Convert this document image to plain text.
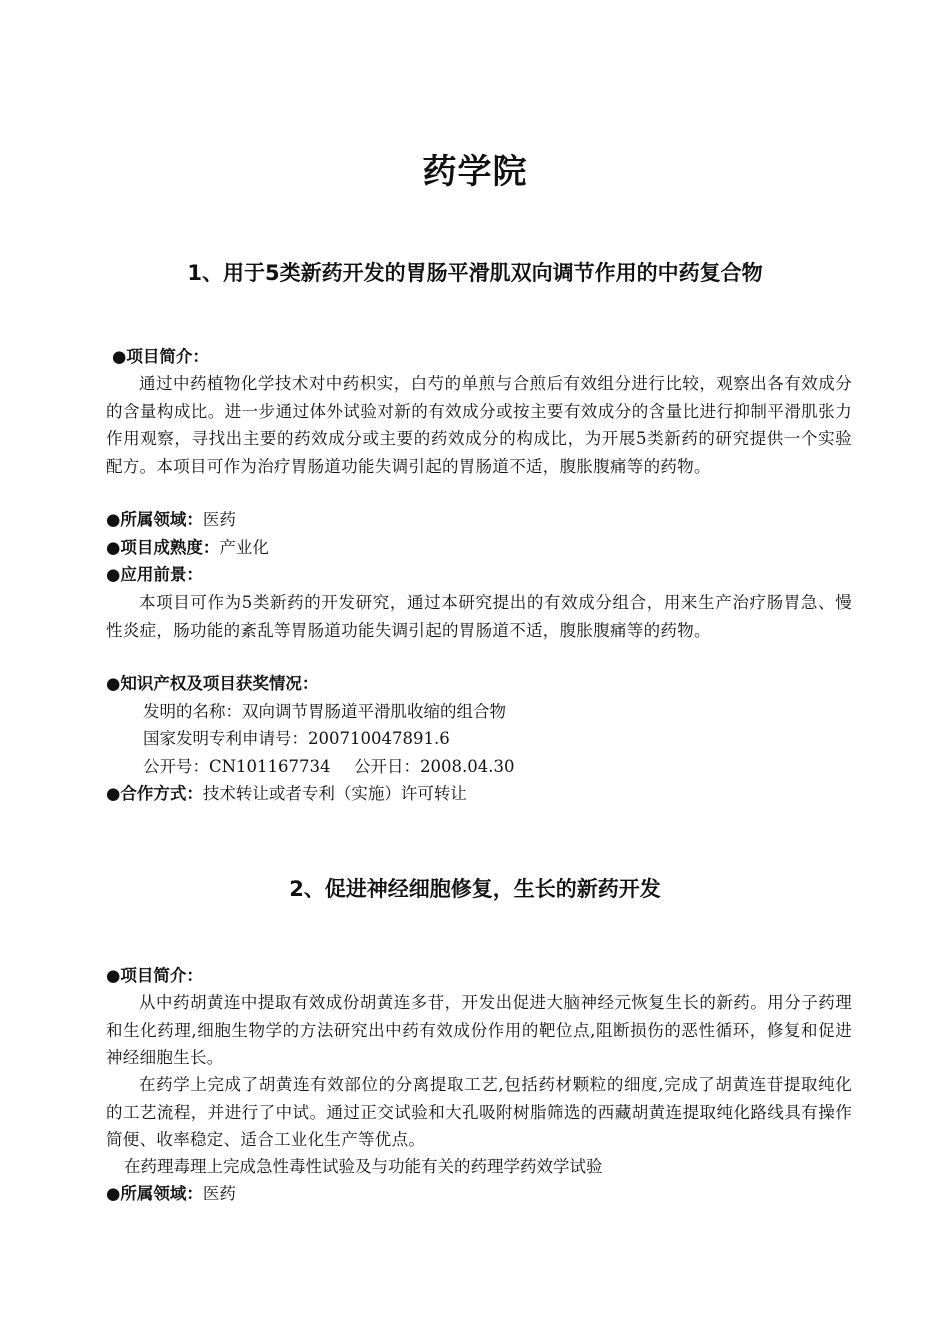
药学院
1、用于5类新药开发的胃肠平滑肌双向调节作用的中药复合物
●项目简介：
通过中药植物化学技术对中药枳实，白芍的单煎与合煎后有效组分进行比较，观察出各有效成分的含量构成比。进一步通过体外试验对新的有效成分或按主要有效成分的含量比进行抑制平滑肌张力作用观察，寻找出主要的药效成分或主要的药效成分的构成比，为开展5类新药的研究提供一个实验配方。本项目可作为治疗胃肠道功能失调引起的胃肠道不适，腹胀腹痛等的药物。
●所属领域：医药
●项目成熟度：产业化
●应用前景：
本项目可作为5类新药的开发研究，通过本研究提出的有效成分组合，用来生产治疗肠胃急、慢性炎症，肠功能的紊乱等胃肠道功能失调引起的胃肠道不适，腹胀腹痛等的药物。
●知识产权及项目获奖情况：
发明的名称：双向调节胃肠道平滑肌收缩的组合物
国家发明专利申请号：200710047891.6
公开号：CN101167734 公开日：2008.04.30
●合作方式：技术转让或者专利（实施）许可转让
2、促进神经细胞修复，生长的新药开发
●项目简介：
从中药胡黄连中提取有效成份胡黄连多苷，开发出促进大脑神经元恢复生长的新药。用分子药理和生化药理,细胞生物学的方法研究出中药有效成份作用的靶位点,阻断损伤的恶性循环，修复和促进神经细胞生长。
在药学上完成了胡黄连有效部位的分离提取工艺,包括药材颗粒的细度,完成了胡黄连苷提取纯化的工艺流程，并进行了中试。通过正交试验和大孔吸附树脂筛选的西藏胡黄连提取纯化路线具有操作简便、收率稳定、适合工业化生产等优点。
在药理毒理上完成急性毒性试验及与功能有关的药理学药效学试验
●所属领域：医药
